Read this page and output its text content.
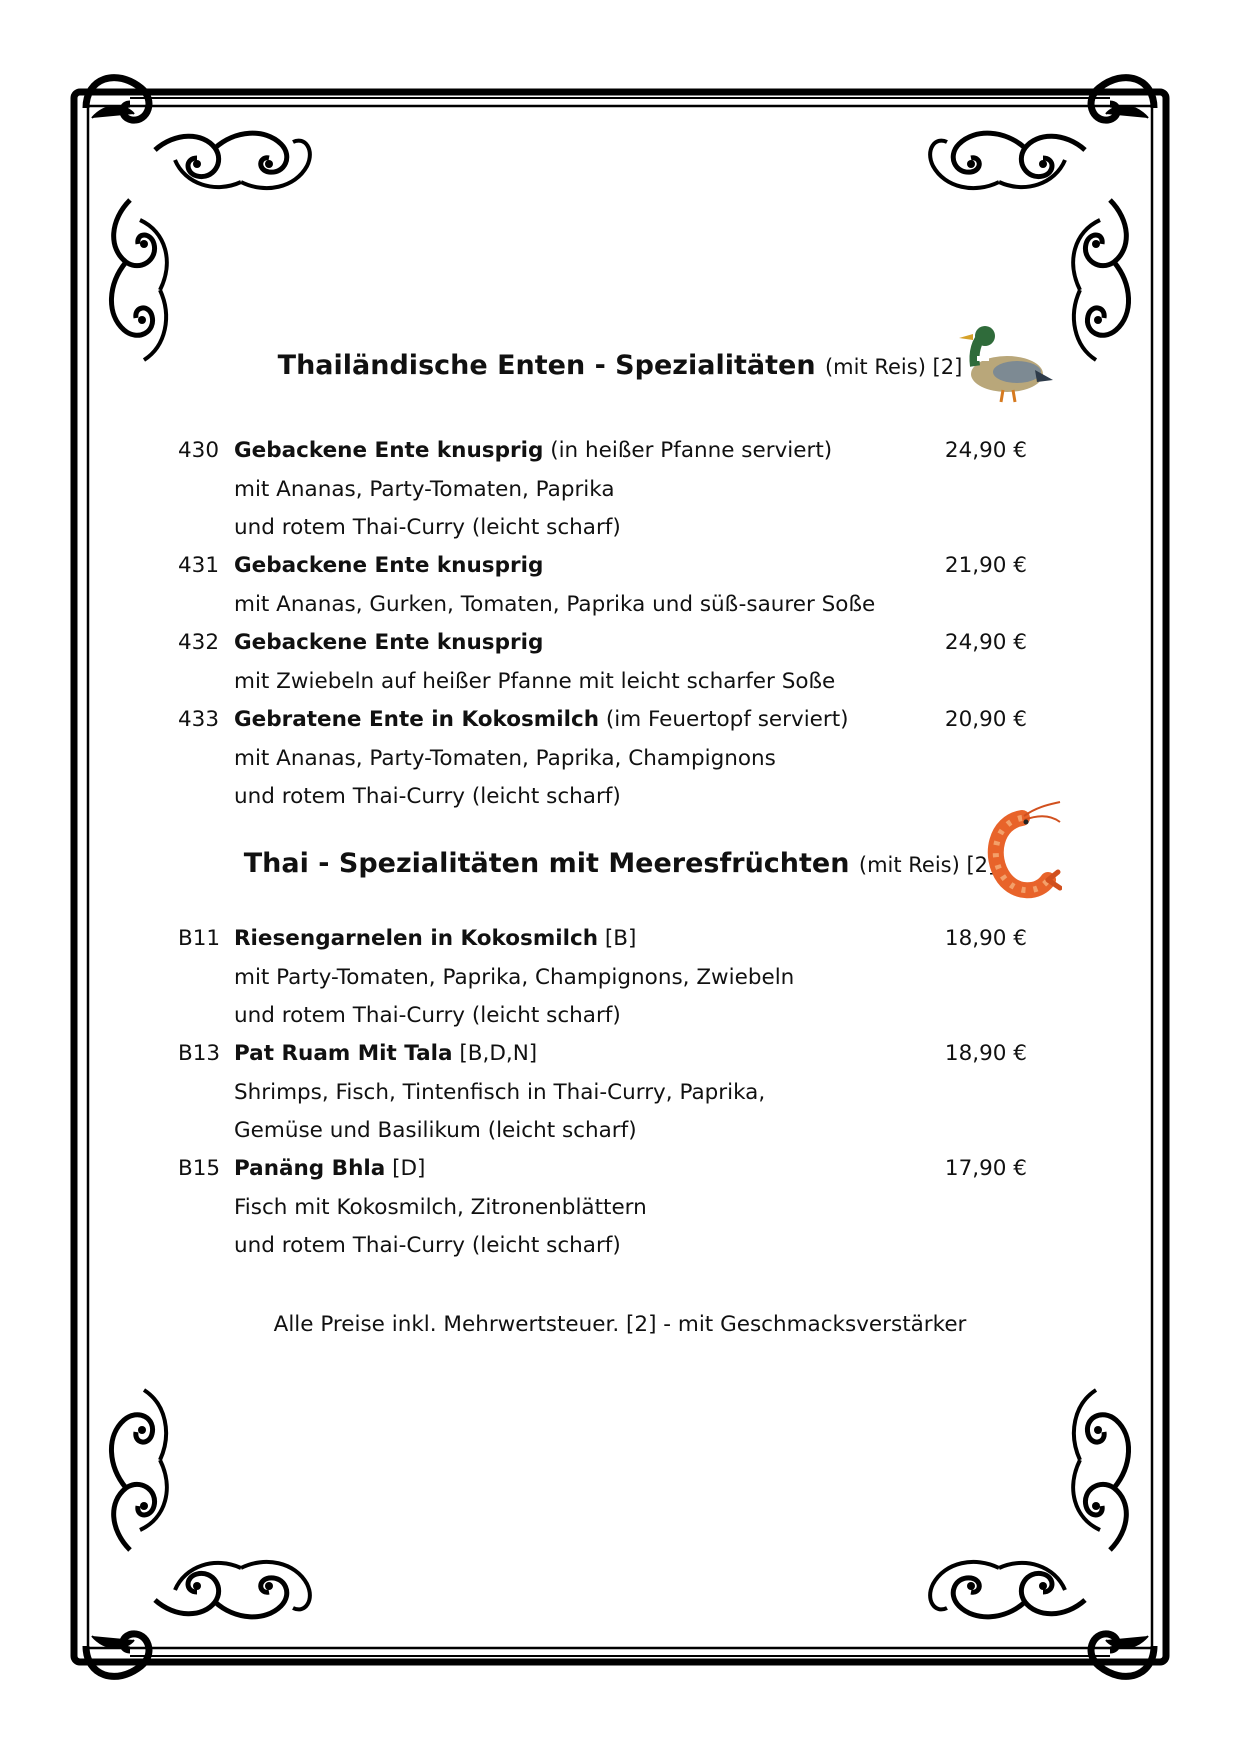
Thailändische Enten - Spezialitäten (mit Reis) [2]
430 Gebackene Ente knusprig (in heißer Pfanne serviert)	24,90 €
mit Ananas, Party-Tomaten, Paprika
und rotem Thai-Curry (leicht scharf)
431 Gebackene Ente knusprig	21,90 €
mit Ananas, Gurken, Tomaten, Paprika und süß-saurer Soße
432 Gebackene Ente knusprig	24,90 €
mit Zwiebeln auf heißer Pfanne mit leicht scharfer Soße
433 Gebratene Ente in Kokosmilch (im Feuertopf serviert)	20,90 €
mit Ananas, Party-Tomaten, Paprika, Champignons
und rotem Thai-Curry (leicht scharf)
Thai - Spezialitäten mit Meeresfrüchten (mit Reis) [2]
B11 Riesengarnelen in Kokosmilch [B]	18,90 €
mit Party-Tomaten, Paprika, Champignons, Zwiebeln
und rotem Thai-Curry (leicht scharf)
B13 Pat Ruam Mit Tala [B,D,N]	18,90 €
Shrimps, Fisch, Tintenfisch in Thai-Curry, Paprika,
Gemüse und Basilikum (leicht scharf)
B15 Panäng Bhla [D]	17,90 €
Fisch mit Kokosmilch, Zitronenblättern
und rotem Thai-Curry (leicht scharf)
Alle Preise inkl. Mehrwertsteuer. [2] - mit Geschmacksverstärker
